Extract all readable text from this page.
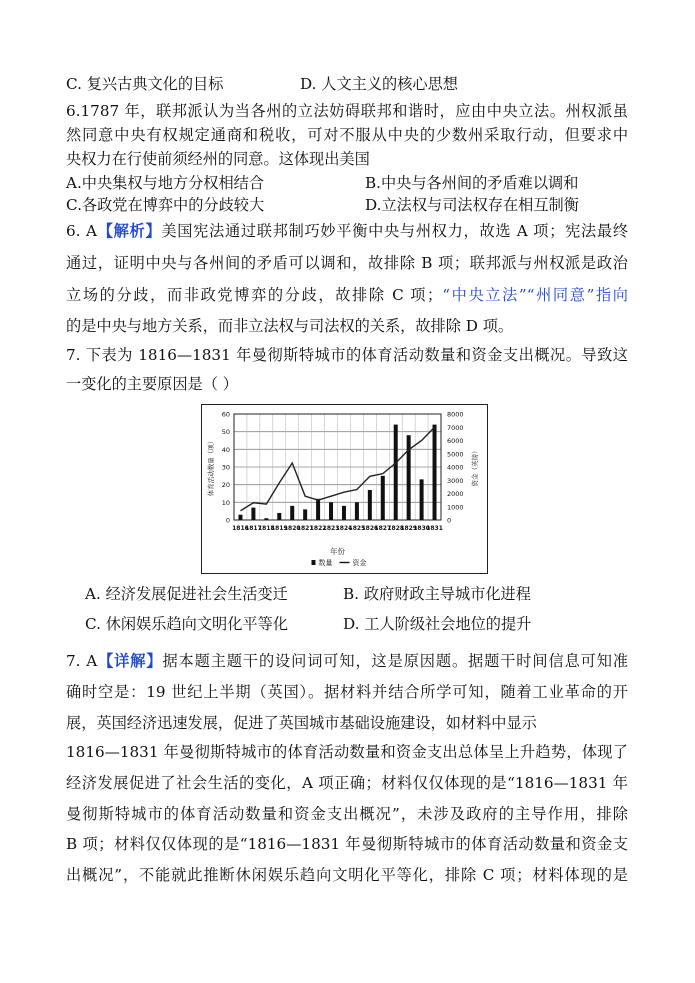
C. 复兴古典文化的目标	D. 人文主义的核心思想
6.1787 年，联邦派认为当各州的立法妨碍联邦和谐时，应由中央立法。州权派虽
然同意中央有权规定通商和税收，可对不服从中央的少数州采取行动，但要求中
央权力在行使前须经州的同意。这体现出美国
A.中央集权与地方分权相结合	B.中央与各州间的矛盾难以调和
C.各政党在博弈中的分歧较大	D.立法权与司法权存在相互制衡
6. A【解析】美国宪法通过联邦制巧妙平衡中央与州权力，故选 A 项；宪法最终
通过，证明中央与各州间的矛盾可以调和，故排除 B 项；联邦派与州权派是政治
立场的分歧，而非政党博弈的分歧，故排除 C 项；“中央立法”“州同意”指向
的是中央与地方关系，而非立法权与司法权的关系，故排除 D 项。
7. 下表为 1816—1831 年曼彻斯特城市的体育活动数量和资金支出概况。导致这
一变化的主要原因是（ ）
0
10
20
30
40
50
60
0
1000
2000
3000
4000
5000
6000
7000
8000
1816
1817
1818
1819
1820
1821
1822
1823
1824
1825
1826
1827
1828
1829
1830
1831
体育活动数量（项）	资金（英镑）
年份
数量	资金
A. 经济发展促进社会生活变迁	B. 政府财政主导城市化进程
C. 休闲娱乐趋向文明化平等化	D. 工人阶级社会地位的提升
7. A【详解】据本题主题干的设问词可知，这是原因题。据题干时间信息可知准
确时空是：19 世纪上半期（英国）。据材料并结合所学可知，随着工业革命的开
展，英国经济迅速发展，促进了英国城市基础设施建设，如材料中显示
1816—1831 年曼彻斯特城市的体育活动数量和资金支出总体呈上升趋势，体现了
经济发展促进了社会生活的变化，A 项正确；材料仅仅体现的是“1816—1831 年
曼彻斯特城市的体育活动数量和资金支出概况”，未涉及政府的主导作用，排除
B 项；材料仅仅体现的是“1816—1831 年曼彻斯特城市的体育活动数量和资金支
出概况”，不能就此推断休闲娱乐趋向文明化平等化，排除 C 项；材料体现的是
